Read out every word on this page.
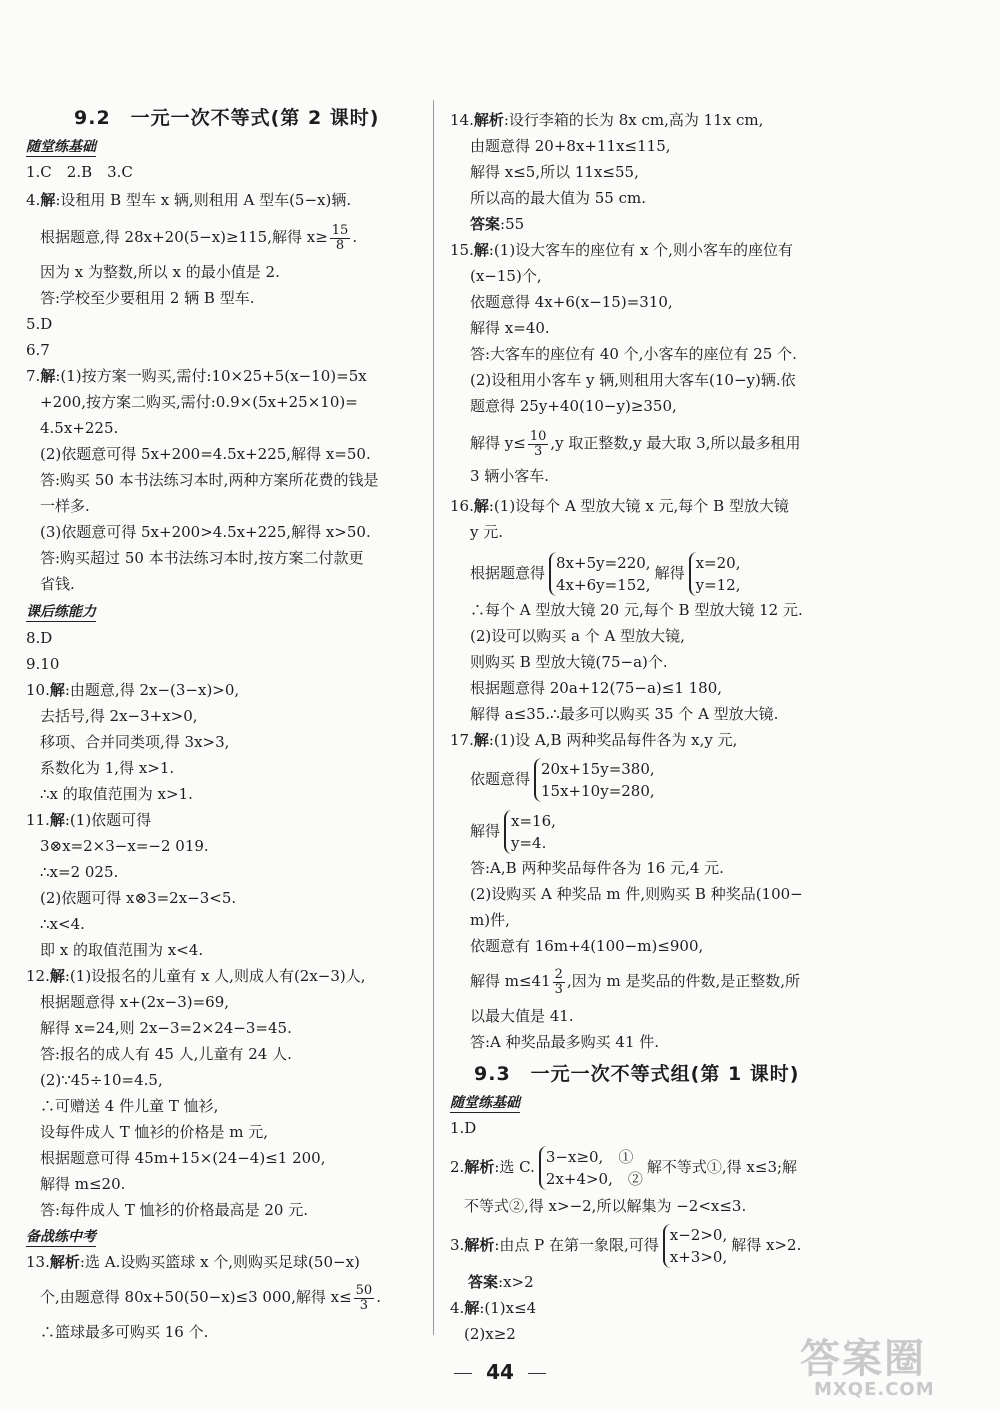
9.2　一元一次不等式(第 2 课时)
随堂练基础
1.C　2.B　3.C
4.解:设租用 B 型车 x 辆,则租用 A 型车(5−x)辆.
根据题意,得 28x+20(5−x)≥115,解得 $x\ge \frac{15}{8}$ .
因为 x 为整数,所以 x 的最小值是 2.
答:学校至少要租用 2 辆 B 型车.
5.D
6.7
7.解:(1)按方案一购买,需付:10×25+5(x−10)=5x
+200,按方案二购买,需付:0.9×(5x+25×10)=
4.5x+225.
(2)依题意可得 5x+200=4.5x+225,解得 x=50.
答:购买 50 本书法练习本时,两种方案所花费的钱是
一样多.
(3)依题意可得 5x+200>4.5x+225,解得 x>50.
答:购买超过 50 本书法练习本时,按方案二付款更
省钱.
课后练能力
8.D
9.10
10.解:由题意,得 2x−(3−x)>0,
去括号,得 2x−3+x>0,
移项、合并同类项,得 3x>3,
系数化为 1,得 x>1.
∴x 的取值范围为 x>1.
11.解:(1)依题可得
3⊗x=2×3−x=−2 019.
∴x=2 025.
(2)依题可得 x⊗3=2x−3<5.
∴x<4.
即 x 的取值范围为 x<4.
12.解:(1)设报名的儿童有 x 人,则成人有(2x−3)人,
根据题意得 x+(2x−3)=69,
解得 x=24,则 2x−3=2×24−3=45.
答:报名的成人有 45 人,儿童有 24 人.
(2)∵45÷10=4.5,
∴可赠送 4 件儿童 T 恤衫,
设每件成人 T 恤衫的价格是 m 元,
根据题意可得 45m+15×(24−4)≤1 200,
解得 m≤20.
答:每件成人 T 恤衫的价格最高是 20 元.
备战练中考
13.解析:选 A.设购买篮球 x 个,则购买足球(50−x)
个,由题意得 80x+50(50−x)≤3 000,解得 $x\le \frac{50}{3}$ .
∴篮球最多可购买 16 个.
14.解析:设行李箱的长为 8x cm,高为 11x cm,
由题意得 20+8x+11x≤115,
解得 x≤5,所以 11x≤55,
所以高的最大值为 55 cm.
答案:55
15.解:(1)设大客车的座位有 x 个,则小客车的座位有
(x−15)个,
依题意得 4x+6(x−15)=310,
解得 x=40.
答:大客车的座位有 40 个,小客车的座位有 25 个.
(2)设租用小客车 y 辆,则租用大客车(10−y)辆.依
题意得 25y+40(10−y)≥350,
解得 $y\le \frac{10}{3} ,y$ 取正整数,y 最大取 3,所以最多租用
3 辆小客车.
16.解:(1)设每个 A 型放大镜 x 元,每个 B 型放大镜
y 元.
根据题意得
8x+5y=220,
4x+6y=152,
解得
x=20,
y=12,
∴每个 A 型放大镜 20 元,每个 B 型放大镜 12 元.
(2)设可以购买 a 个 A 型放大镜,
则购买 B 型放大镜(75−a)个.
根据题意得 20a+12(75−a)≤1 180,
解得 a≤35.∴最多可以购买 35 个 A 型放大镜.
17.解:(1)设 A,B 两种奖品每件各为 x,y 元,
依题意得
20x+15y=380,
15x+10y=280,
解得
x=16,
y=4.
答:A,B 两种奖品每件各为 16 元,4 元.
(2)设购买 A 种奖品 m 件,则购买 B 种奖品(100−
m)件,
依题意有 16m+4(100−m)≤900,
解得 $m\le 41 \frac{2}{3}$ ,因为 m 是奖品的件数,是正整数,所
以最大值是 41.
答:A 种奖品最多购买 41 件.
9.3　一元一次不等式组(第 1 课时)
随堂练基础
1.D
2.解析:选 C.
3−x≥0,　①
2x+4>0,　②
解不等式①,得 x≤3;解
不等式②,得 x>−2,所以解集为 −2<x≤3.
3.解析:由点 P 在第一象限,可得
x−2>0,
x+3>0,
解得 x>2.
答案:x>2
4.解:(1)x≤4
(2)x≥2
44	答案圈
MXQE.COM
